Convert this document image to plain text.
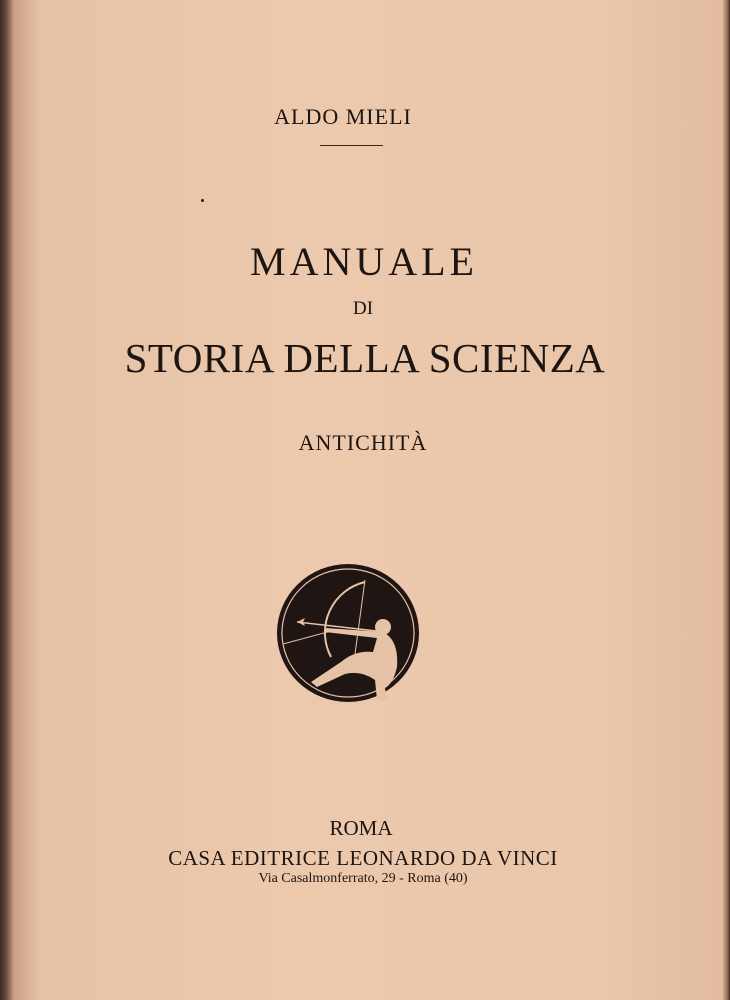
ALDO MIELI
MANUALE
DI
STORIA DELLA SCIENZA
ANTICHITÀ
ROMA
CASA EDITRICE LEONARDO DA VINCI
Via Casalmonferrato, 29 - Roma (40)
